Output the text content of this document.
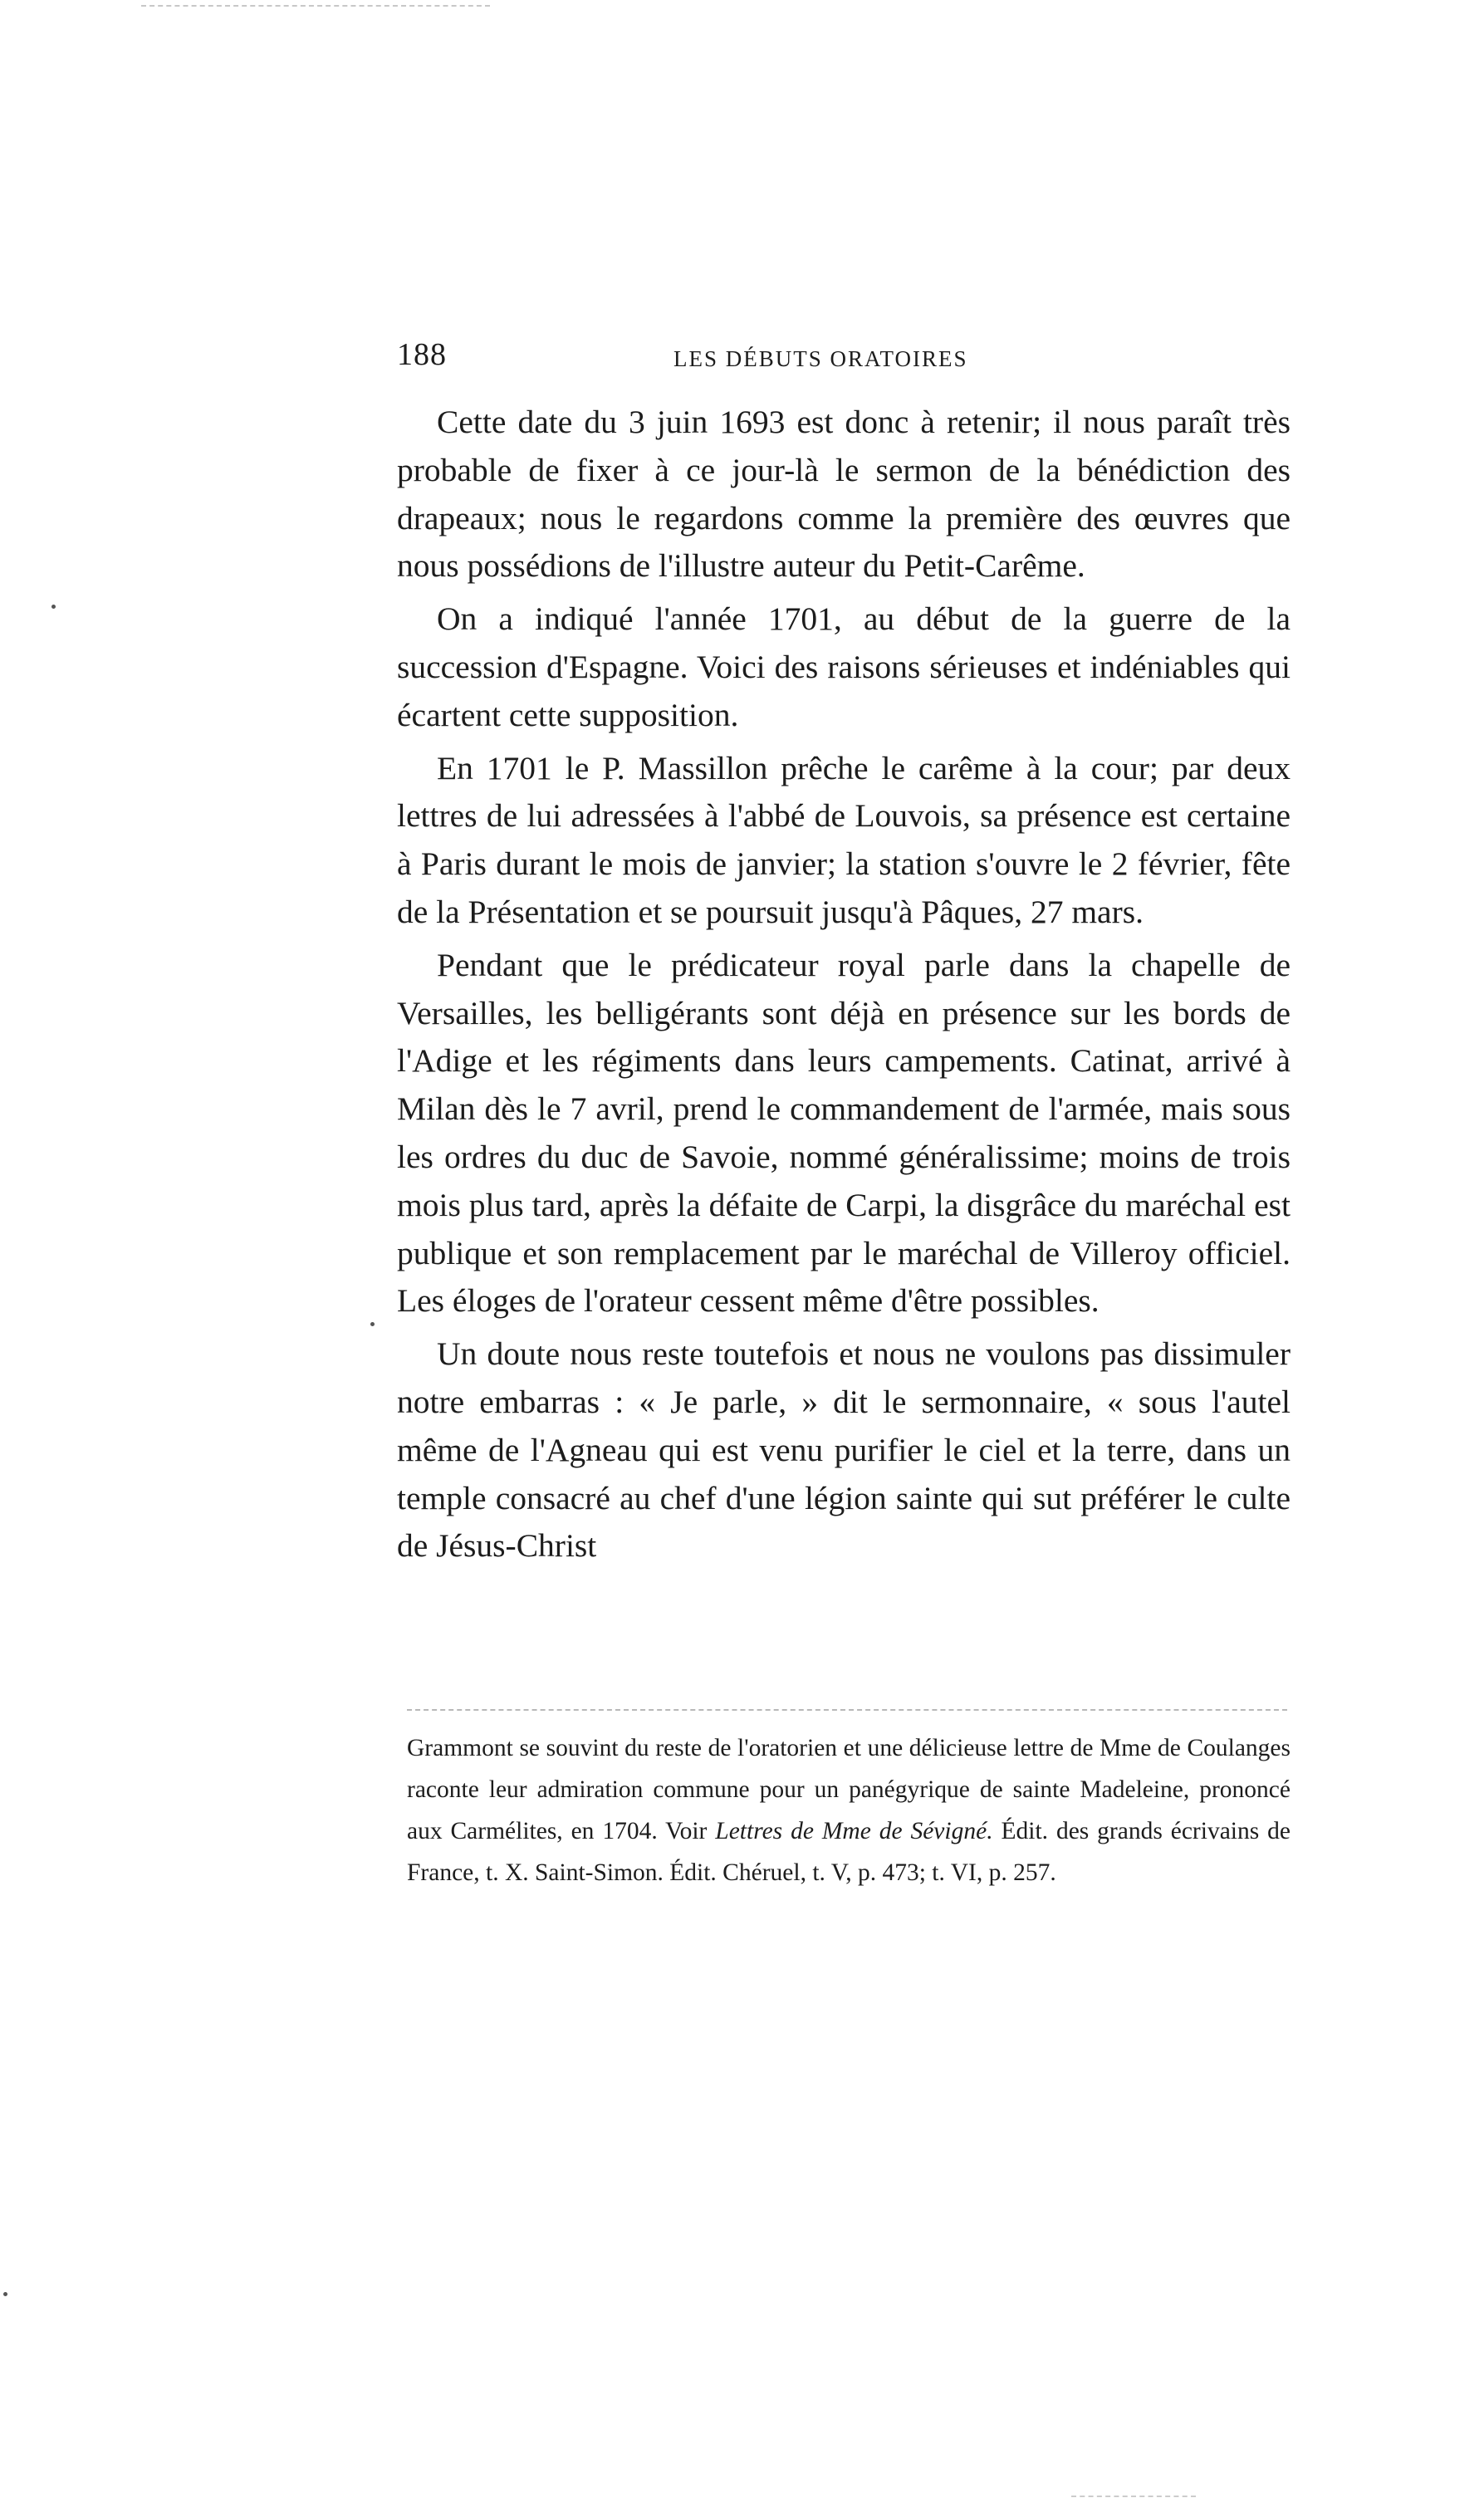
188	LES DÉBUTS ORATOIRES

Cette date du 3 juin 1693 est donc à retenir; il nous paraît très probable de fixer à ce jour-là le sermon de la bénédiction des drapeaux; nous le regardons comme la première des œuvres que nous possédions de l'illustre auteur du Petit-Carême.

On a indiqué l'année 1701, au début de la guerre de la succession d'Espagne. Voici des raisons sérieuses et indéniables qui écartent cette supposition.

En 1701 le P. Massillon prêche le carême à la cour; par deux lettres de lui adressées à l'abbé de Louvois, sa présence est certaine à Paris durant le mois de janvier; la station s'ouvre le 2 février, fête de la Présentation et se poursuit jusqu'à Pâques, 27 mars.

Pendant que le prédicateur royal parle dans la chapelle de Versailles, les belligérants sont déjà en présence sur les bords de l'Adige et les régiments dans leurs campements. Catinat, arrivé à Milan dès le 7 avril, prend le commandement de l'armée, mais sous les ordres du duc de Savoie, nommé généralissime; moins de trois mois plus tard, après la défaite de Carpi, la disgrâce du maréchal est publique et son remplacement par le maréchal de Villeroy officiel. Les éloges de l'orateur cessent même d'être possibles.

Un doute nous reste toutefois et nous ne voulons pas dissimuler notre embarras : « Je parle, » dit le sermonnaire, « sous l'autel même de l'Agneau qui est venu purifier le ciel et la terre, dans un temple consacré au chef d'une légion sainte qui sut préférer le culte de Jésus-Christ

Grammont se souvint du reste de l'oratorien et une délicieuse lettre de Mme de Coulanges raconte leur admiration commune pour un panégyrique de sainte Madeleine, prononcé aux Carmélites, en 1704. Voir Lettres de Mme de Sévigné. Édit. des grands écrivains de France, t. X. Saint-Simon. Édit. Chéruel, t. V, p. 473; t. VI, p. 257.
